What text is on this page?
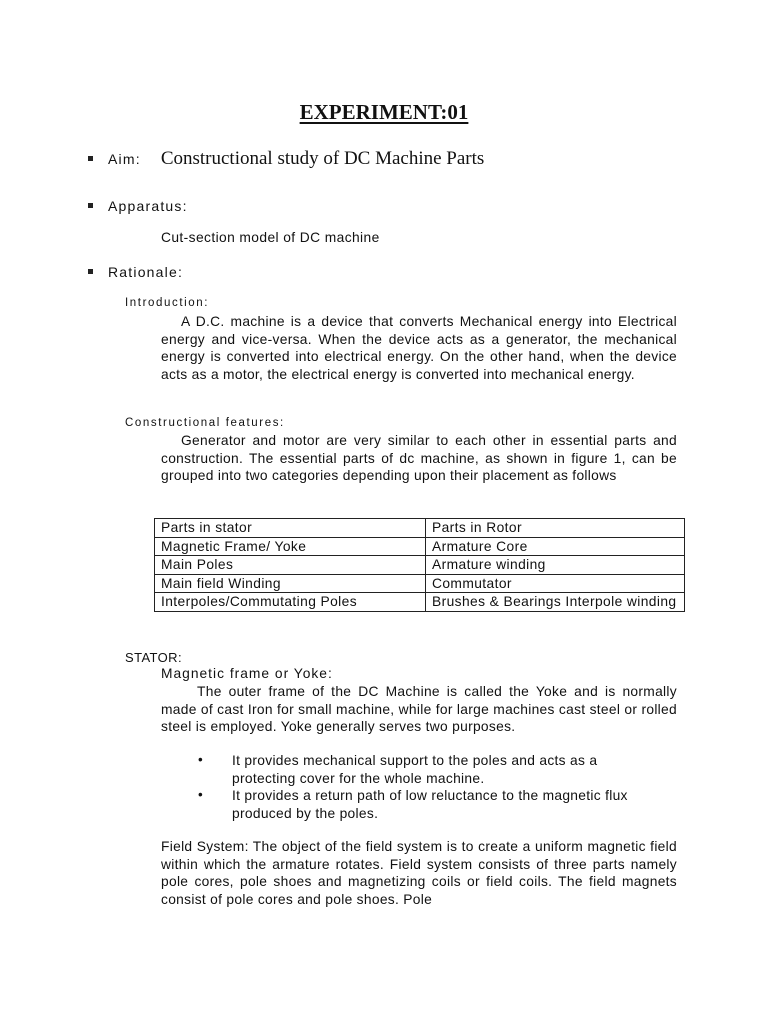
EXPERIMENT:01
Aim: Constructional study of DC Machine Parts
Apparatus:
Cut-section model of DC machine
Rationale:
Introduction:
A D.C. machine is a device that converts Mechanical energy into Electrical energy and vice-versa. When the device acts as a generator, the mechanical energy is converted into electrical energy. On the other hand, when the device acts as a motor, the electrical energy is converted into mechanical energy.
Constructional features:
Generator and motor are very similar to each other in essential parts and construction. The essential parts of dc machine, as shown in figure 1, can be grouped into two categories depending upon their placement as follows
Parts in stator	Parts in Rotor
Magnetic Frame/ Yoke	Armature Core
Main Poles	Armature winding
Main field Winding	Commutator
Interpoles/Commutating Poles	Brushes & Bearings Interpole winding
STATOR:
Magnetic frame or Yoke:
The outer frame of the DC Machine is called the Yoke and is normally made of cast Iron for small machine, while for large machines cast steel or rolled steel is employed. Yoke generally serves two purposes.
• It provides mechanical support to the poles and acts as a protecting cover for the whole machine.
• It provides a return path of low reluctance to the magnetic flux produced by the poles.
Field System: The object of the field system is to create a uniform magnetic field within which the armature rotates. Field system consists of three parts namely pole cores, pole shoes and magnetizing coils or field coils. The field magnets consist of pole cores and pole shoes. Pole
